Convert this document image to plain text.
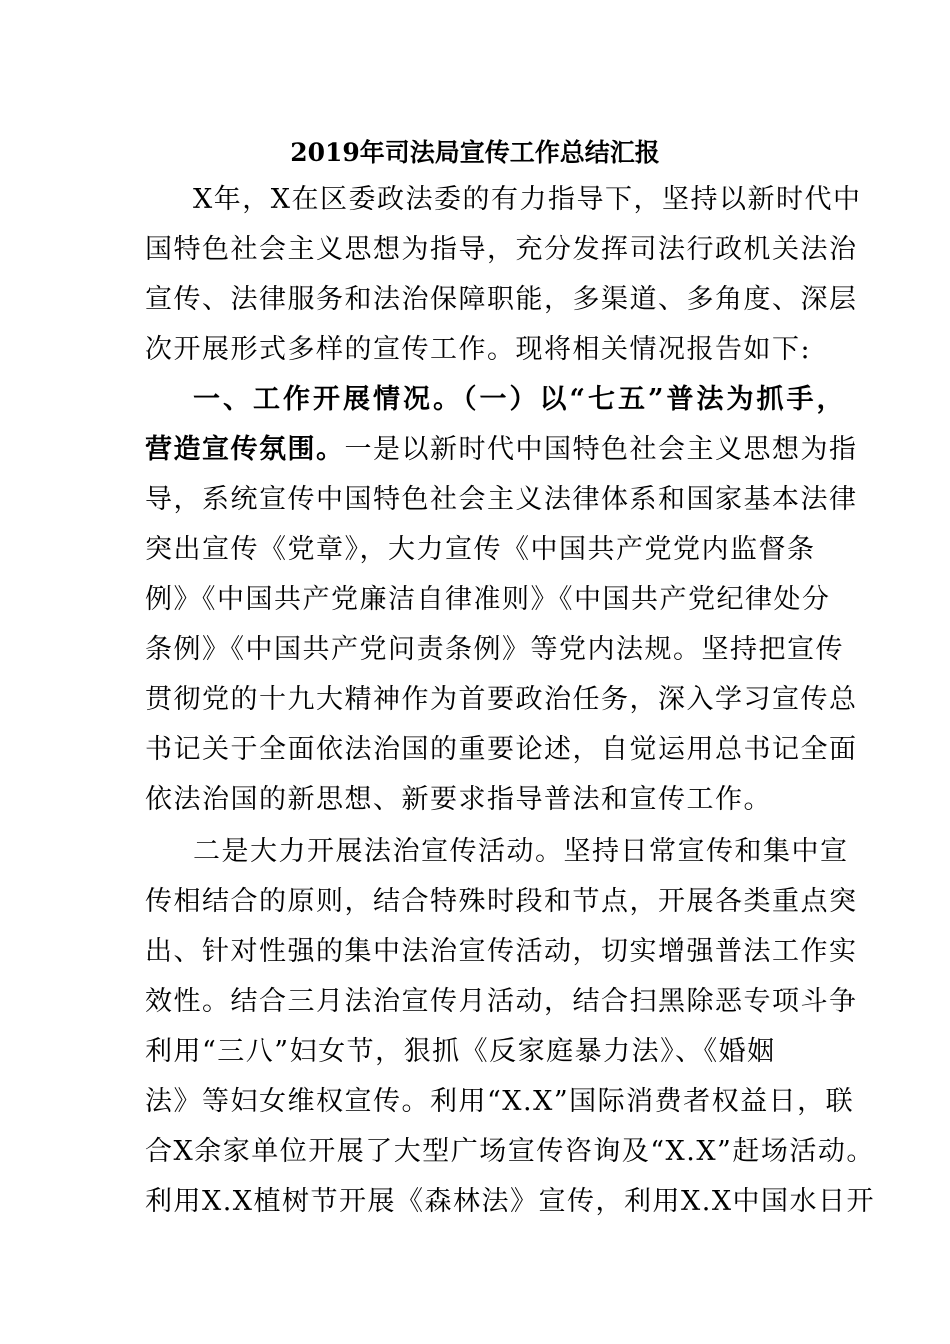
2019年司法局宣传工作总结汇报
X年，X在区委政法委的有力指导下，坚持以新时代中
国特色社会主义思想为指导，充分发挥司法行政机关法治
宣传、法律服务和法治保障职能，多渠道、多角度、深层
次开展形式多样的宣传工作。现将相关情况报告如下:
一、工作开展情况。（一）以“七五”普法为抓手，
营造宣传氛围。一是以新时代中国特色社会主义思想为指
导，系统宣传中国特色社会主义法律体系和国家基本法律
突出宣传《党章》，大力宣传《中国共产党党内监督条
例》《中国共产党廉洁自律准则》《中国共产党纪律处分
条例》《中国共产党问责条例》等党内法规。坚持把宣传
贯彻党的十九大精神作为首要政治任务，深入学习宣传总
书记关于全面依法治国的重要论述，自觉运用总书记全面
依法治国的新思想、新要求指导普法和宣传工作。
二是大力开展法治宣传活动。坚持日常宣传和集中宣
传相结合的原则，结合特殊时段和节点，开展各类重点突
出、针对性强的集中法治宣传活动，切实增强普法工作实
效性。结合三月法治宣传月活动，结合扫黑除恶专项斗争
利用“三八”妇女节，狠抓《反家庭暴力法》、《婚姻
法》等妇女维权宣传。利用“X.X”国际消费者权益日，联
合X余家单位开展了大型广场宣传咨询及“X.X”赶场活动。
利用X.X植树节开展《森林法》宣传，利用X.X中国水日开
